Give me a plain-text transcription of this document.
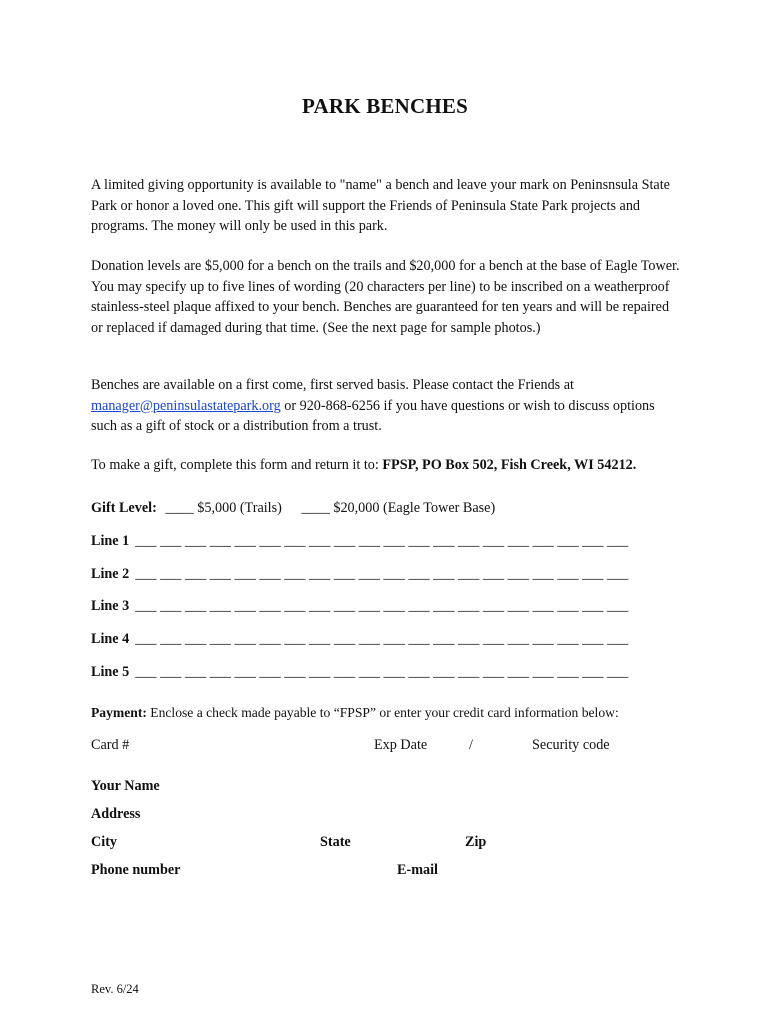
PARK BENCHES
A limited giving opportunity is available to "name" a bench and leave your mark on Peninsnsula State Park or honor a loved one. This gift will support the Friends of Peninsula State Park projects and programs. The money will only be used in this park.
Donation levels are $5,000 for a bench on the trails and $20,000 for a bench at the base of Eagle Tower. You may specify up to five lines of wording (20 characters per line) to be inscribed on a weatherproof stainless-steel plaque affixed to your bench. Benches are guaranteed for ten years and will be repaired or replaced if damaged during that time. (See the next page for sample photos.)
Benches are available on a first come, first served basis. Please contact the Friends at manager@peninsulastatepark.org or 920-868-6256 if you have questions or wish to discuss options such as a gift of stock or a distribution from a trust.
To make a gift, complete this form and return it to: FPSP, PO Box 502, Fish Creek, WI 54212.
Gift Level: ____ $5,000 (Trails) ____ $20,000 (Eagle Tower Base)
Line 1 ___ ___ ___ ___ ___ ___ ___ ___ ___ ___ ___ ___ ___ ___ ___ ___ ___ ___ ___ ___
Line 2 ___ ___ ___ ___ ___ ___ ___ ___ ___ ___ ___ ___ ___ ___ ___ ___ ___ ___ ___ ___
Line 3 ___ ___ ___ ___ ___ ___ ___ ___ ___ ___ ___ ___ ___ ___ ___ ___ ___ ___ ___ ___
Line 4 ___ ___ ___ ___ ___ ___ ___ ___ ___ ___ ___ ___ ___ ___ ___ ___ ___ ___ ___ ___
Line 5 ___ ___ ___ ___ ___ ___ ___ ___ ___ ___ ___ ___ ___ ___ ___ ___ ___ ___ ___ ___
Payment: Enclose a check made payable to “FPSP” or enter your credit card information below:
Card #	Exp Date	/	Security code
Your Name
Address
City	State	Zip
Phone number	E-mail
Rev. 6/24
